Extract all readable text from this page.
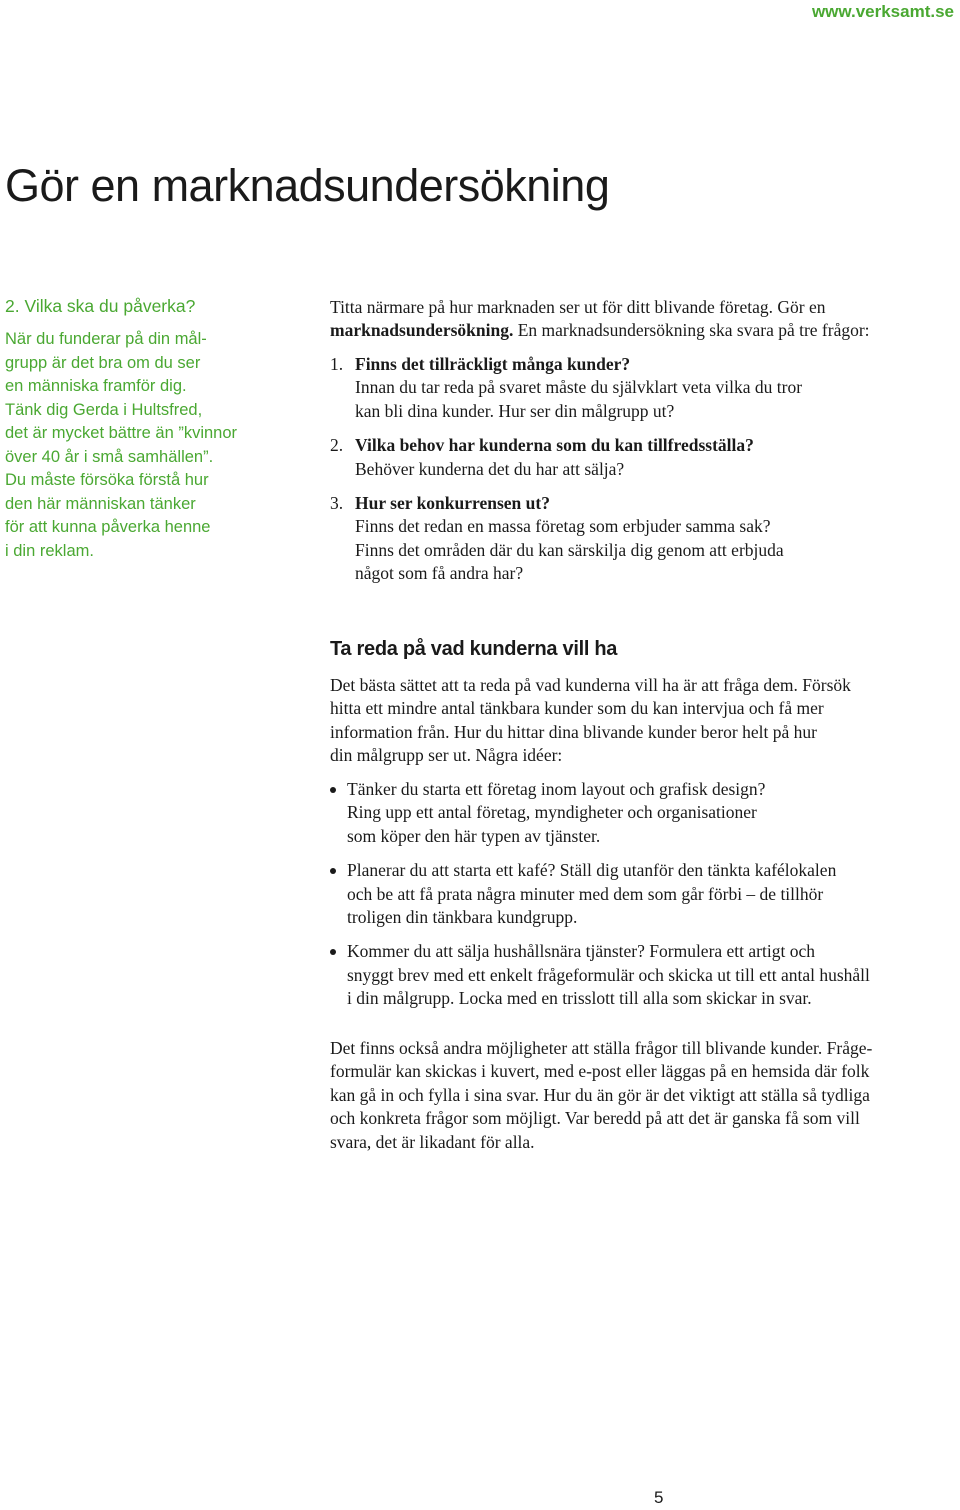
www.verksamt.se
Gör en marknadsundersökning
2. Vilka ska du påverka?
När du funderar på din mål-
grupp är det bra om du ser
en människa framför dig.
Tänk dig Gerda i Hultsfred,
det är mycket bättre än ”kvinnor
över 40 år i små samhällen”.
Du måste försöka förstå hur
den här människan tänker
för att kunna påverka henne
i din reklam.
Titta närmare på hur marknaden ser ut för ditt blivande företag. Gör en
marknadsundersökning. En marknadsundersökning ska svara på tre frågor:
1. Finns det tillräckligt många kunder?
Innan du tar reda på svaret måste du självklart veta vilka du tror
kan bli dina kunder. Hur ser din målgrupp ut?
2. Vilka behov har kunderna som du kan tillfredsställa?
Behöver kunderna det du har att sälja?
3. Hur ser konkurrensen ut?
Finns det redan en massa företag som erbjuder samma sak?
Finns det områden där du kan särskilja dig genom att erbjuda
något som få andra har?
Ta reda på vad kunderna vill ha
Det bästa sättet att ta reda på vad kunderna vill ha är att fråga dem. Försök
hitta ett mindre antal tänkbara kunder som du kan intervjua och få mer
information från. Hur du hittar dina blivande kunder beror helt på hur
din målgrupp ser ut. Några idéer:
Tänker du starta ett företag inom layout och grafisk design?
Ring upp ett antal företag, myndigheter och organisationer
som köper den här typen av tjänster.
Planerar du att starta ett kafé? Ställ dig utanför den tänkta kafélokalen
och be att få prata några minuter med dem som går förbi – de tillhör
troligen din tänkbara kundgrupp.
Kommer du att sälja hushållsnära tjänster? Formulera ett artigt och
snyggt brev med ett enkelt frågeformulär och skicka ut till ett antal hushåll
i din målgrupp. Locka med en trisslott till alla som skickar in svar.
Det finns också andra möjligheter att ställa frågor till blivande kunder. Fråge-
formulär kan skickas i kuvert, med e-post eller läggas på en hemsida där folk
kan gå in och fylla i sina svar. Hur du än gör är det viktigt att ställa så tydliga
och konkreta frågor som möjligt. Var beredd på att det är ganska få som vill
svara, det är likadant för alla.
5
